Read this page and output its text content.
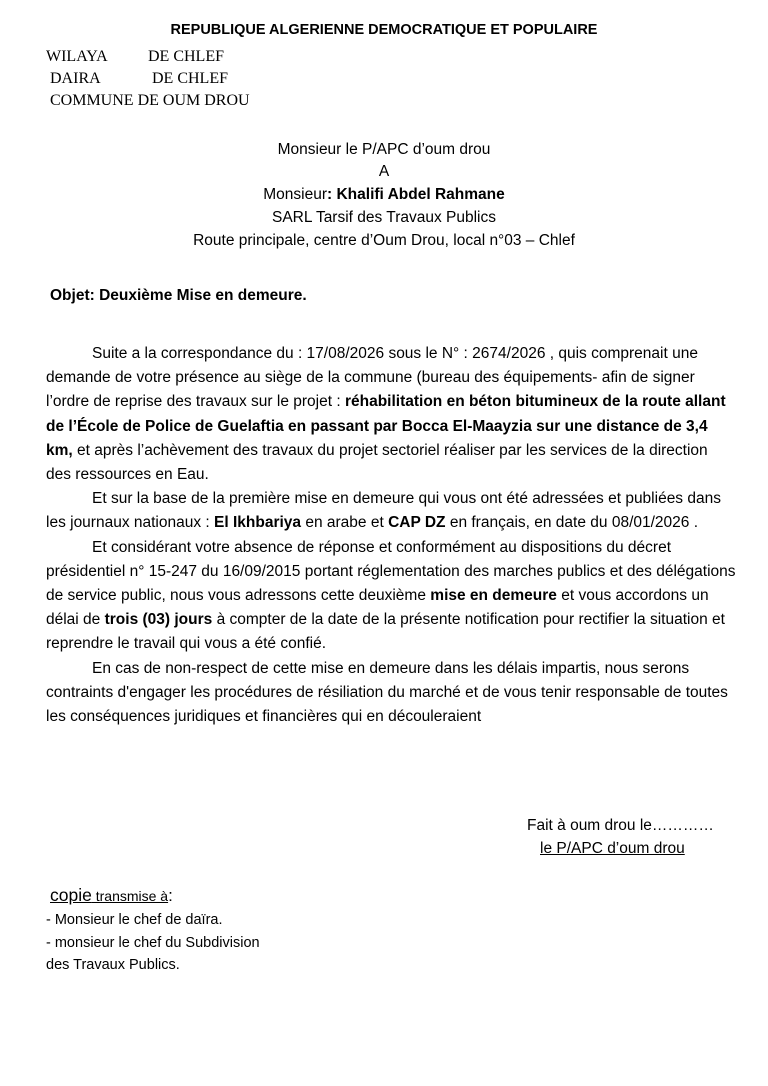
REPUBLIQUE ALGERIENNE DEMOCRATIQUE ET POPULAIRE
WILAYA	DE CHLEF
DAIRA	DE CHLEF
COMMUNE DE OUM DROU
Monsieur le P/APC d’oum drou
A
Monsieur: Khalifi Abdel Rahmane
SARL Tarsif des Travaux Publics
Route principale, centre d’Oum Drou, local n°03 – Chlef
Objet: Deuxième Mise en demeure.

Suite a la correspondance du : 17/08/2026 sous le N° : 2674/2026 , quis comprenait une demande de votre présence au siège de la commune (bureau des équipements- afin de signer l’ordre de reprise des travaux sur le projet : réhabilitation en béton bitumineux de la route allant de l’École de Police de Guelaftia en passant par Bocca El-Maayzia sur une distance de 3,4 km, et après l’achèvement des travaux du projet sectoriel réaliser par les services de la direction des ressources en Eau.

Et sur la base de la première mise en demeure qui vous ont été adressées et publiées dans les journaux nationaux : El Ikhbariya en arabe et CAP DZ en français, en date du 08/01/2026 .

Et considérant votre absence de réponse et conformément au dispositions du décret présidentiel n° 15-247 du 16/09/2015 portant réglementation des marches publics et des délégations de service public, nous vous adressons cette deuxième mise en demeure et vous accordons un délai de trois (03) jours à compter de la date de la présente notification pour rectifier la situation et reprendre le travail qui vous a été confié.

En cas de non-respect de cette mise en demeure dans les délais impartis, nous serons contraints d'engager les procédures de résiliation du marché et de vous tenir responsable de toutes les conséquences juridiques et financières qui en découleraient

Fait à oum drou le…………
le P/APC d’oum drou
copie transmise à:
- Monsieur le chef de daïra.
- monsieur le chef du Subdivision
des Travaux Publics.
